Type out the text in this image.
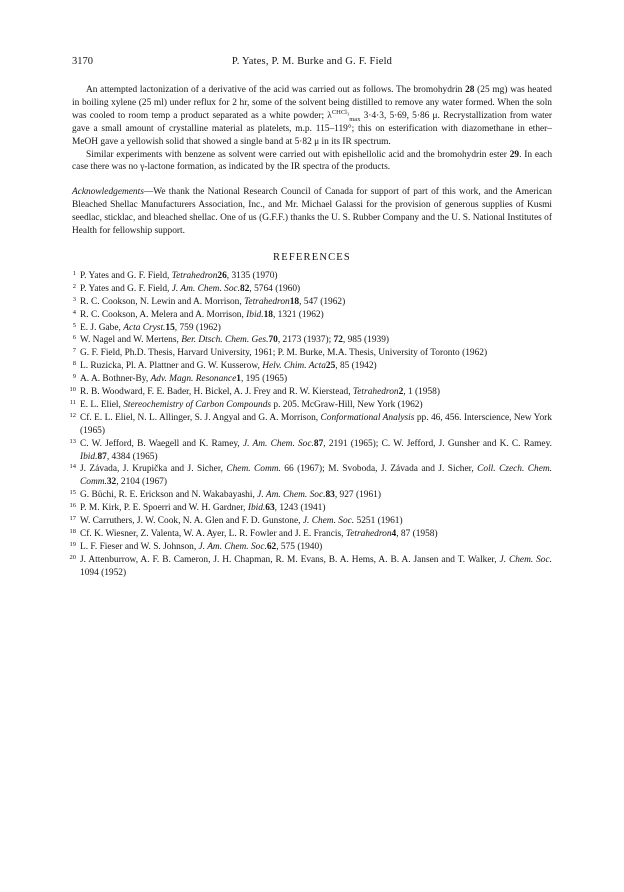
3170	P. Yates, P. M. Burke and G. F. Field

An attempted lactonization of a derivative of the acid was carried out as follows. The bromohydrin 28 (25 mg) was heated in boiling xylene (25 ml) under reflux for 2 hr, some of the solvent being distilled to remove any water formed. When the soln was cooled to room temp a product separated as a white powder; $\lambda^{CHCl_3}_{max}$ 3·4·3, 5·69, 5·86 μ. Recrystallization from water gave a small amount of crystalline material as platelets, m.p. 115–119°; this on esterification with diazomethane in ether–MeOH gave a yellowish solid that showed a single band at 5·82 μ in its IR spectrum.

Similar experiments with benzene as solvent were carried out with epishellolic acid and the bromohydrin ester 29. In each case there was no γ-lactone formation, as indicated by the IR spectra of the products.

Acknowledgements—We thank the National Research Council of Canada for support of part of this work, and the American Bleached Shellac Manufacturers Association, Inc., and Mr. Michael Galassi for the provision of generous supplies of Kusmi seedlac, sticklac, and bleached shellac. One of us (G.F.F.) thanks the U. S. Rubber Company and the U. S. National Institutes of Health for fellowship support.

REFERENCES
1 P. Yates and G. F. Field, Tetrahedron26, 3135 (1970)
2 P. Yates and G. F. Field, J. Am. Chem. Soc.82, 5764 (1960)
3 R. C. Cookson, N. Lewin and A. Morrison, Tetrahedron18, 547 (1962)
4 R. C. Cookson, A. Melera and A. Morrison, Ibid.18, 1321 (1962)
5 E. J. Gabe, Acta Cryst.15, 759 (1962)
6 W. Nagel and W. Mertens, Ber. Dtsch. Chem. Ges.70, 2173 (1937); 72, 985 (1939)
7 G. F. Field, Ph.D. Thesis, Harvard University, 1961; P. M. Burke, M.A. Thesis, University of Toronto (1962)
8 L. Ruzicka, Pl. A. Plattner and G. W. Kusserow, Helv. Chim. Acta25, 85 (1942)
9 A. A. Bothner-By, Adv. Magn. Resonance1, 195 (1965)
10 R. B. Woodward, F. E. Bader, H. Bickel, A. J. Frey and R. W. Kierstead, Tetrahedron2, 1 (1958)
11 E. L. Eliel, Stereochemistry of Carbon Compounds p. 205. McGraw-Hill, New York (1962)
12 Cf. E. L. Eliel, N. L. Allinger, S. J. Angyal and G. A. Morrison, Conformational Analysis pp. 46, 456. Interscience, New York (1965)
13 C. W. Jefford, B. Waegell and K. Ramey, J. Am. Chem. Soc.87, 2191 (1965); C. W. Jefford, J. Gunsher and K. C. Ramey. Ibid.87, 4384 (1965)
14 J. Závada, J. Krupička and J. Sicher, Chem. Comm. 66 (1967); M. Svoboda, J. Závada and J. Sicher, Coll. Czech. Chem. Comm.32, 2104 (1967)
15 G. Büchi, R. E. Erickson and N. Wakabayashi, J. Am. Chem. Soc.83, 927 (1961)
16 P. M. Kirk, P. E. Spoerri and W. H. Gardner, Ibid.63, 1243 (1941)
17 W. Carruthers, J. W. Cook, N. A. Glen and F. D. Gunstone, J. Chem. Soc. 5251 (1961)
18 Cf. K. Wiesner, Z. Valenta, W. A. Ayer, L. R. Fowler and J. E. Francis, Tetrahedron4, 87 (1958)
19 L. F. Fieser and W. S. Johnson, J. Am. Chem. Soc.62, 575 (1940)
20 J. Attenburrow, A. F. B. Cameron, J. H. Chapman, R. M. Evans, B. A. Hems, A. B. A. Jansen and T. Walker, J. Chem. Soc. 1094 (1952)
